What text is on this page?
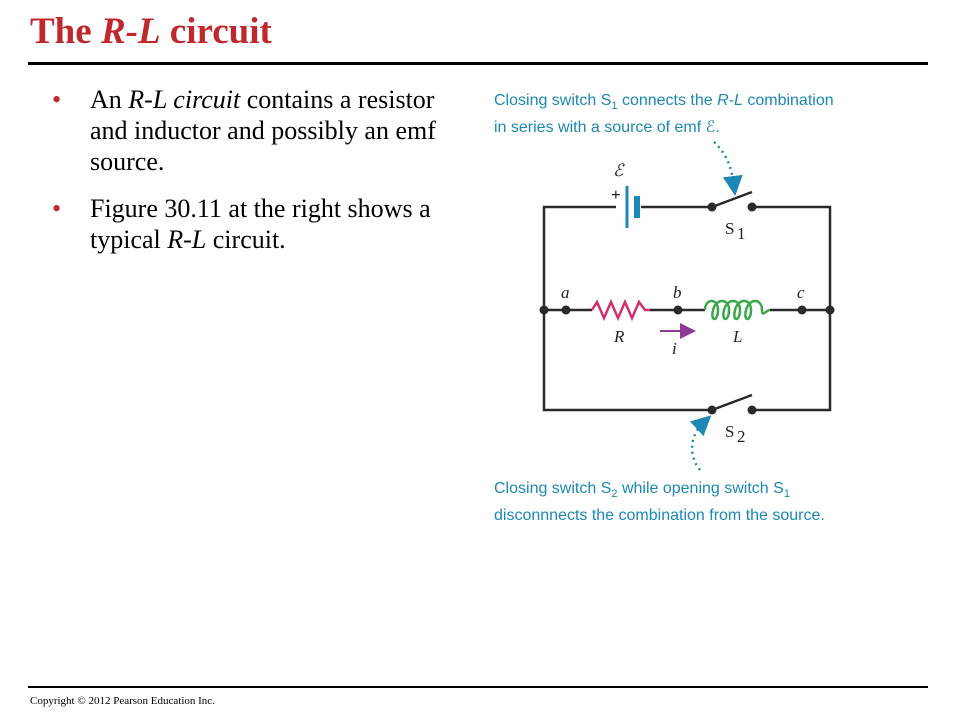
The R-L circuit
• An R-L circuit contains a resistor and inductor and possibly an emf source.
• Figure 30.11 at the right shows a typical R-L circuit.
Closing switch $S_1$ connects the R-L combination
in series with a source of emf ℰ.
Closing switch $S_2$ while opening switch $S_1$
disconnnects the combination from the source.
+
ℰ
a	b	c
R	L
i
S 1
S 2
Copyright © 2012 Pearson Education Inc.
